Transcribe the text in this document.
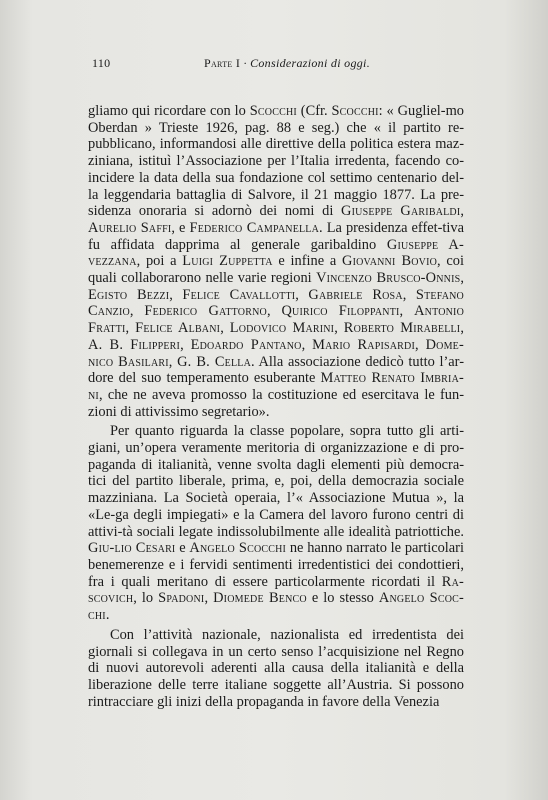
110	Parte I · Considerazioni di oggi.

gliamo qui ricordare con lo Scocchi (Cfr. Scocchi: « Gugliel-mo Oberdan » Trieste 1926, pag. 88 e seg.) che « il partito re-pubblicano, informandosi alle direttive della politica estera maz-ziniana, istituì l’Associazione per l’Italia irredenta, facendo co-incidere la data della sua fondazione col settimo centenario del-la leggendaria battaglia di Salvore, il 21 maggio 1877. La pre-sidenza onoraria si adornò dei nomi di Giuseppe Garibaldi, Aurelio Saffi, e Federico Campanella. La presidenza effet-tiva fu affidata dapprima al generale garibaldino Giuseppe A-vezzana, poi a Luigi Zuppetta e infine a Giovanni Bovio, coi quali collaborarono nelle varie regioni Vincenzo Brusco-Onnis, Egisto Bezzi, Felice Cavallotti, Gabriele Rosa, Stefano Canzio, Federico Gattorno, Quirico Filoppanti, Antonio Fratti, Felice Albani, Lodovico Marini, Roberto Mirabelli, A. B. Filipperi, Edoardo Pantano, Mario Rapisardi, Dome-nico Basilari, G. B. Cella. Alla associazione dedicò tutto l’ar-dore del suo temperamento esuberante Matteo Renato Imbria-ni, che ne aveva promosso la costituzione ed esercitava le fun-zioni di attivissimo segretario».

Per quanto riguarda la classe popolare, sopra tutto gli arti-giani, un’opera veramente meritoria di organizzazione e di pro-paganda di italianità, venne svolta dagli elementi più democra-tici del partito liberale, prima, e, poi, della democrazia sociale mazziniana. La Società operaia, l’« Associazione Mutua », la «Le-ga degli impiegati» e la Camera del lavoro furono centri di attivi-tà sociali legate indissolubilmente alle idealità patriottiche. Giu-lio Cesari e Angelo Scocchi ne hanno narrato le particolari benemerenze e i fervidi sentimenti irredentistici dei condottieri, fra i quali meritano di essere particolarmente ricordati il Ra-scovich, lo Spadoni, Diomede Benco e lo stesso Angelo Scoc-chi.

Con l’attività nazionale, nazionalista ed irredentista dei giornali si collegava in un certo senso l’acquisizione nel Regno di nuovi autorevoli aderenti alla causa della italianità e della liberazione delle terre italiane soggette all’Austria. Si possono rintracciare gli inizi della propaganda in favore della Venezia
